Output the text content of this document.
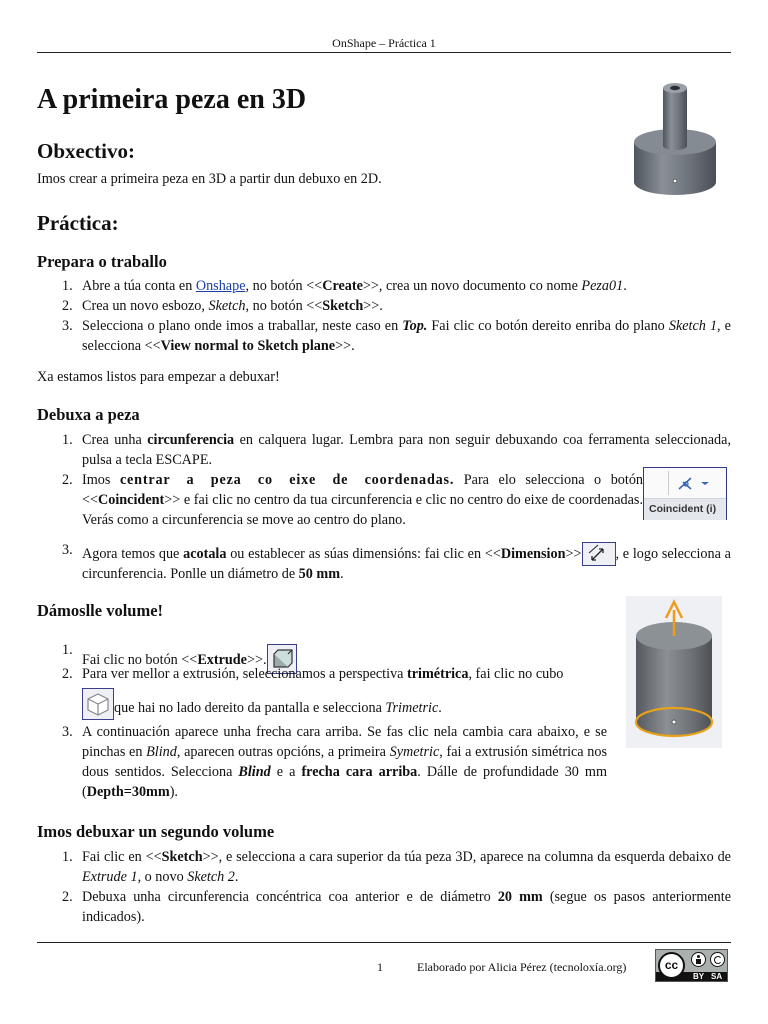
OnShape – Práctica 1
A primeira peza en 3D
Obxectivo:
Imos crear a primeira peza en 3D a partir dun debuxo en 2D.
Práctica:
Prepara o traballo
1. Abre a túa conta en Onshape, no botón <<Create>>, crea un novo documento co nome Peza01.
2. Crea un novo esbozo, Sketch, no botón <<Sketch>>.
3. Selecciona o plano onde imos a traballar, neste caso en Top. Fai clic co botón dereito enriba do plano Sketch 1, e selecciona <<View normal to Sketch plane>>.
Xa estamos listos para empezar a debuxar!
Debuxa a peza
1. Crea unha circunferencia en calquera lugar. Lembra para non seguir debuxando coa ferramenta seleccionada, pulsa a tecla ESCAPE.
2. Imos centrar a peza co eixe de coordenadas. Para elo selecciona o botón <<Coincident>> e fai clic no centro da tua circunferencia e clic no centro do eixe de coordenadas. Verás como a circunferencia se move ao centro do plano.
Coincident (i)
3. Agora temos que acotala ou establecer as súas dimensións: fai clic en <<Dimension>> , e logo selecciona a circunferencia. Ponlle un diámetro de 50 mm.
Dámoslle volume!
1.
Fai clic no botón <<Extrude>>.
2. Para ver mellor a extrusión, seleccionamos a perspectiva trimétrica, fai clic no cubo
que hai no lado dereito da pantalla e selecciona Trimetric.
3. A continuación aparece unha frecha cara arriba. Se fas clic nela cambia cara abaixo, e se pinchas en Blind, aparecen outras opcións, a primeira Symetric, fai a extrusión simétrica nos dous sentidos. Selecciona Blind e a frecha cara arriba. Dálle de profundidade 30 mm (Depth=30mm).
Imos debuxar un segundo volume
1. Fai clic en <<Sketch>>, e selecciona a cara superior da túa peza 3D, aparece na columna da esquerda debaixo de Extrude 1, o novo Sketch 2.
2. Debuxa unha circunferencia concéntrica coa anterior e de diámetro 20 mm (segue os pasos anteriormente indicados).
1	Elaborado por Alicia Pérez (tecnoloxía.org)	cc
BY SA
